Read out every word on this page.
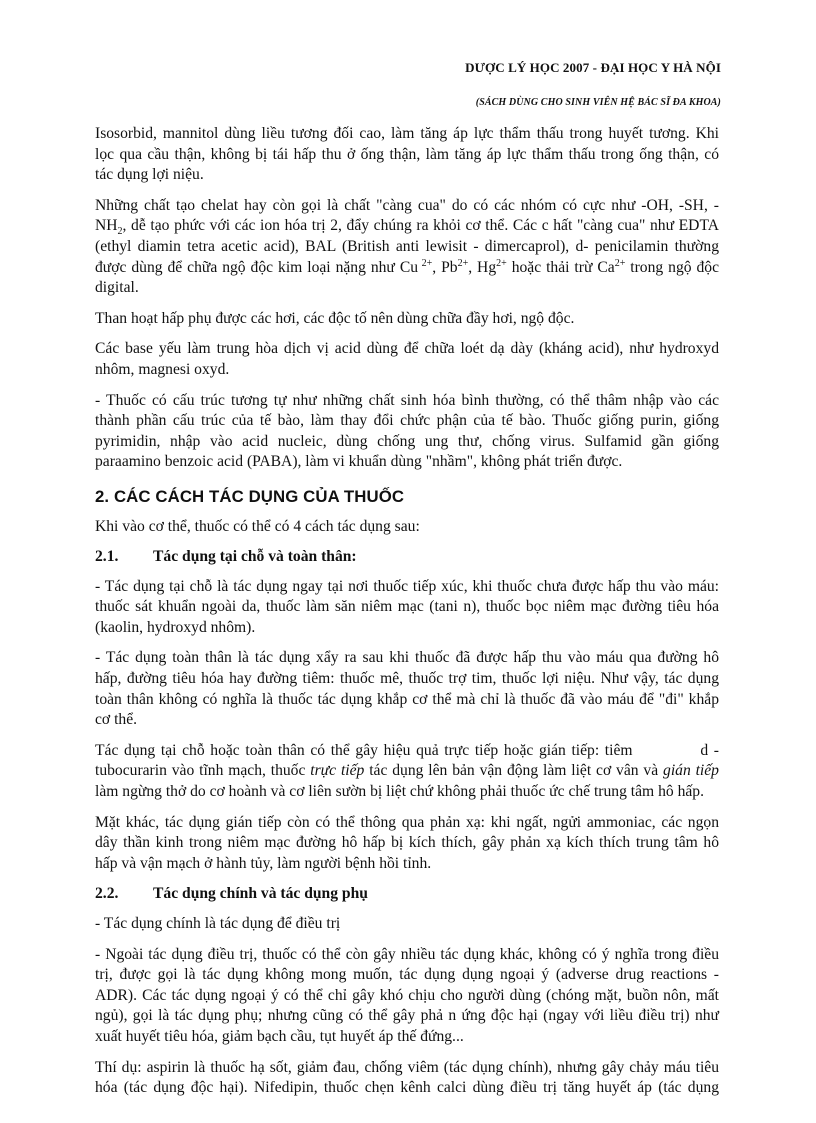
DƯỢC LÝ HỌC 2007 - ĐẠI HỌC Y HÀ NỘI
(SÁCH DÙNG CHO SINH VIÊN HỆ BÁC SĨ ĐA KHOA)
Isosorbid, mannitol dùng liều tương đối cao, làm tăng áp lực thẩm thấu trong huyết tương. Khi
lọc qua cầu thận, không bị tái hấp thu ở ống thận, làm tăng áp lực thẩm thấu trong ống thận, có
tác dụng lợi niệu.
Những chất tạo chelat hay còn gọi là chất "càng cua" do có các nhóm có cực như -OH, -SH, -
$NH_2$, dễ tạo phức với các ion hóa trị 2, đẩy chúng ra khỏi cơ thể. Các c hất "càng cua" như EDTA
(ethyl diamin tetra acetic acid), BAL (British anti lewisit - dimercaprol), d- penicilamin thường
được dùng để chữa ngộ độc kim loại nặng như Cu $^{2+}$, $Pb^{2+}$, $Hg^{2+}$ hoặc thải trừ $Ca^{2+}$ trong ngộ độc
digital.
Than hoạt hấp phụ được các hơi, các độc tố nên dùng chữa đầy hơi, ngộ độc.
Các base yếu làm trung hòa dịch vị acid dùng để chữa loét dạ dày (kháng acid), như hydroxyd
nhôm, magnesi oxyd.
- Thuốc có cấu trúc tương tự như những chất sinh hóa bình thường, có thể thâm nhập vào các
thành phần cấu trúc của tế bào, làm thay đổi chức phận của tế bào. Thuốc giống purin, giống
pyrimidin, nhập vào acid nucleic, dùng chống ung thư, chống virus. Sulfamid gần giống
paraamino benzoic acid (PABA), làm vi khuẩn dùng "nhầm", không phát triển được.
2. CÁC CÁCH TÁC DỤNG CỦA THUỐC
Khi vào cơ thể, thuốc có thể có 4 cách tác dụng sau:
2.1. Tác dụng tại chỗ và toàn thân:
- Tác dụng tại chỗ là tác dụng ngay tại nơi thuốc tiếp xúc, khi thuốc chưa được hấp thu vào máu:
thuốc sát khuẩn ngoài da, thuốc làm săn niêm mạc (tani n), thuốc bọc niêm mạc đường tiêu hóa
(kaolin, hydroxyd nhôm).
- Tác dụng toàn thân là tác dụng xẩy ra sau khi thuốc đã được hấp thu vào máu qua đường hô
hấp, đường tiêu hóa hay đường tiêm: thuốc mê, thuốc trợ tim, thuốc lợi niệu. Như vậy, tác dụng
toàn thân không có nghĩa là thuốc tác dụng khắp cơ thể mà chỉ là thuốc đã vào máu để "đi" khắp
cơ thể.
Tác dụng tại chỗ hoặc toàn thân có thể gây hiệu quả trực tiếp hoặc gián tiếp: tiêm            d -
tubocurarin vào tĩnh mạch, thuốc trực tiếp tác dụng lên bản vận động làm liệt cơ vân và gián tiếp
làm ngừng thở do cơ hoành và cơ liên sườn bị liệt chứ không phải thuốc ức chế trung tâm hô hấp.
Mặt khác, tác dụng gián tiếp còn có thể thông qua phản xạ: khi ngất, ngửi ammoniac, các ngọn
dây thần kinh trong niêm mạc đường hô hấp bị kích thích, gây phản xạ kích thích trung tâm hô
hấp và vận mạch ở hành tủy, làm người bệnh hồi tỉnh.
2.2. Tác dụng chính và tác dụng phụ
- Tác dụng chính là tác dụng để điều trị
- Ngoài tác dụng điều trị, thuốc có thể còn gây nhiều tác dụng khác, không có ý nghĩa trong điều
trị, được gọi là tác dụng không mong muốn, tác dụng dụng ngoại ý (adverse drug reactions -
ADR). Các tác dụng ngoại ý có thể chỉ gây khó chịu cho người dùng (chóng mặt, buồn nôn, mất
ngủ), gọi là tác dụng phụ; nhưng cũng có thể gây phả n ứng độc hại (ngay với liều điều trị) như
xuất huyết tiêu hóa, giảm bạch cầu, tụt huyết áp thế đứng...
Thí dụ: aspirin là thuốc hạ sốt, giảm đau, chống viêm (tác dụng chính), nhưng gây chảy máu tiêu
hóa (tác dụng độc hại). Nifedipin, thuốc chẹn kênh calci dùng điều trị tăng huyết áp (tác dụng
